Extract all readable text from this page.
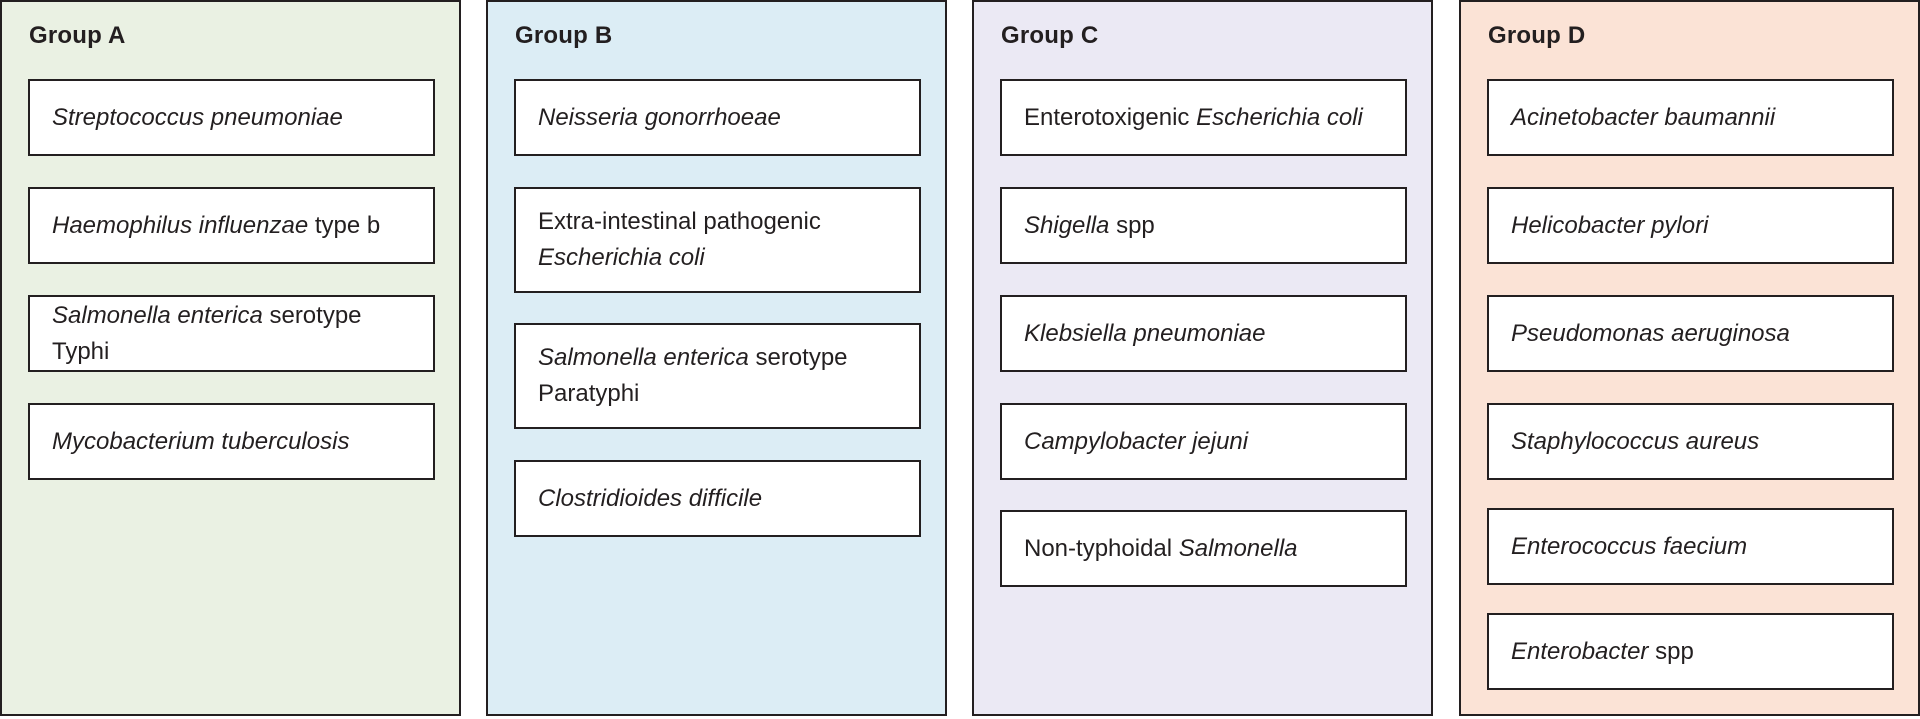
Group A
Streptococcus pneumoniae
Haemophilus influenzae type b
Salmonella enterica serotype Typhi
Mycobacterium tuberculosis
Group B
Neisseria gonorrhoeae
Extra-intestinal pathogenic
Escherichia coli
Salmonella enterica serotype
Paratyphi
Clostridioides difficile
Group C
Enterotoxigenic Escherichia coli
Shigella spp
Klebsiella pneumoniae
Campylobacter jejuni
Non-typhoidal Salmonella
Group D
Acinetobacter baumannii
Helicobacter pylori
Pseudomonas aeruginosa
Staphylococcus aureus
Enterococcus faecium
Enterobacter spp
